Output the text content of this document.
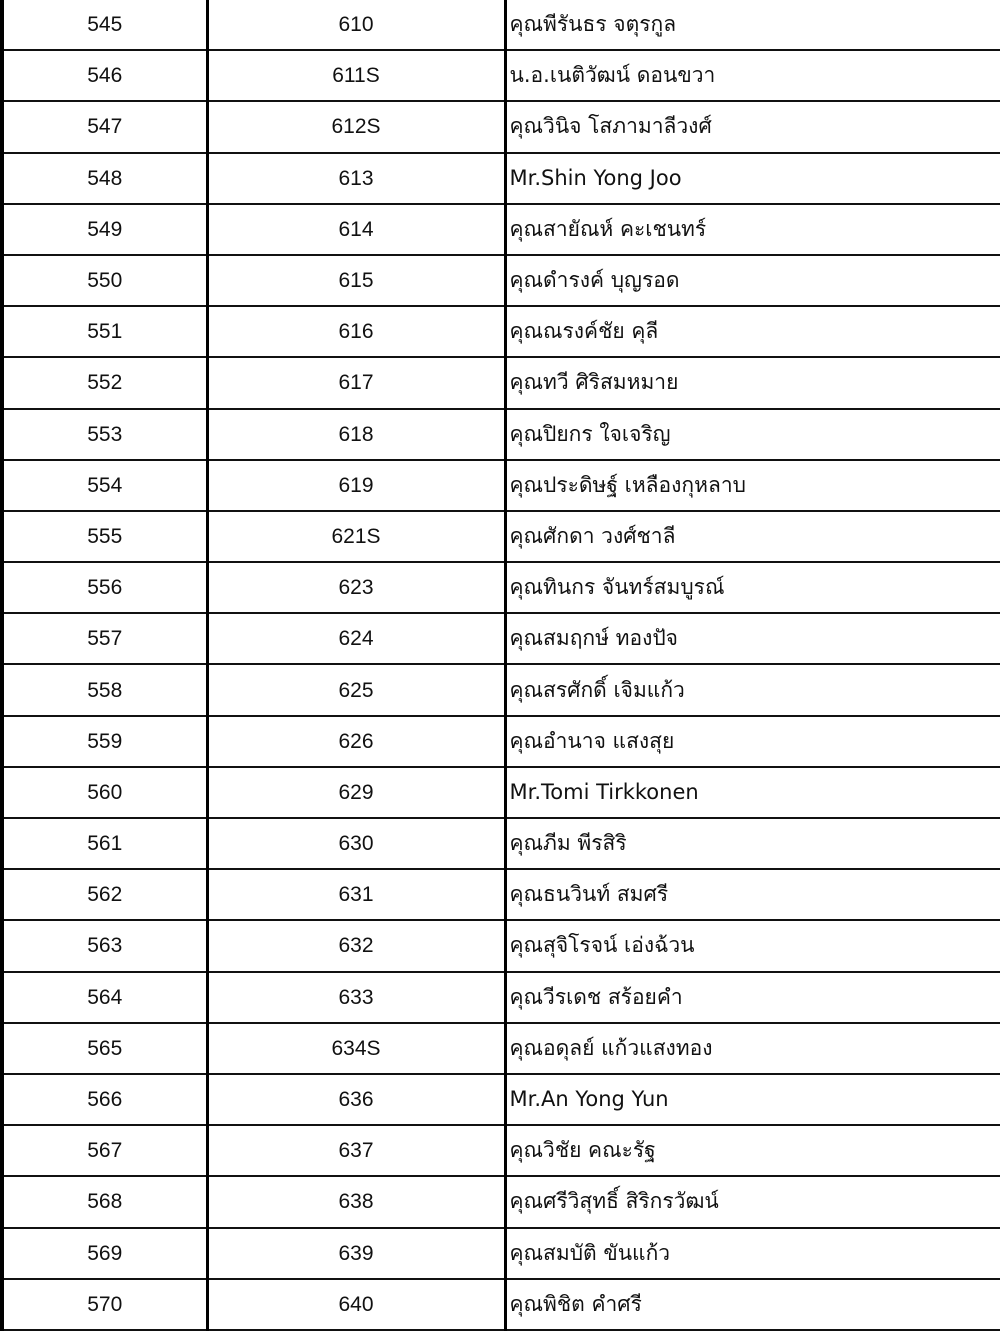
545	610	คุณพีรันธร จตุรกูล
546	611S	น.อ.เนติวัฒน์ ดอนขวา
547	612S	คุณวินิจ โสภามาลีวงศ์
548	613	Mr.Shin Yong Joo
549	614	คุณสายัณห์ คะเชนทร์
550	615	คุณดำรงค์ บุญรอด
551	616	คุณณรงค์ชัย คุลี
552	617	คุณทวี ศิริสมหมาย
553	618	คุณปิยกร ใจเจริญ
554	619	คุณประดิษฐ์ เหลืองกุหลาบ
555	621S	คุณศักดา วงศ์ชาลี
556	623	คุณทินกร จันทร์สมบูรณ์
557	624	คุณสมฤกษ์ ทองปัจ
558	625	คุณสรศักดิ์ เจิมแก้ว
559	626	คุณอำนาจ แสงสุย
560	629	Mr.Tomi Tirkkonen
561	630	คุณภีม พีรสิริ
562	631	คุณธนวินท์ สมศรี
563	632	คุณสุจิโรจน์ เอ่งฉ้วน
564	633	คุณวีรเดช สร้อยคำ
565	634S	คุณอดุลย์ แก้วแสงทอง
566	636	Mr.An Yong Yun
567	637	คุณวิชัย คณะรัฐ
568	638	คุณศรีวิสุทธิ์ สิริกรวัฒน์
569	639	คุณสมบัติ ขันแก้ว
570	640	คุณพิชิต คำศรี
